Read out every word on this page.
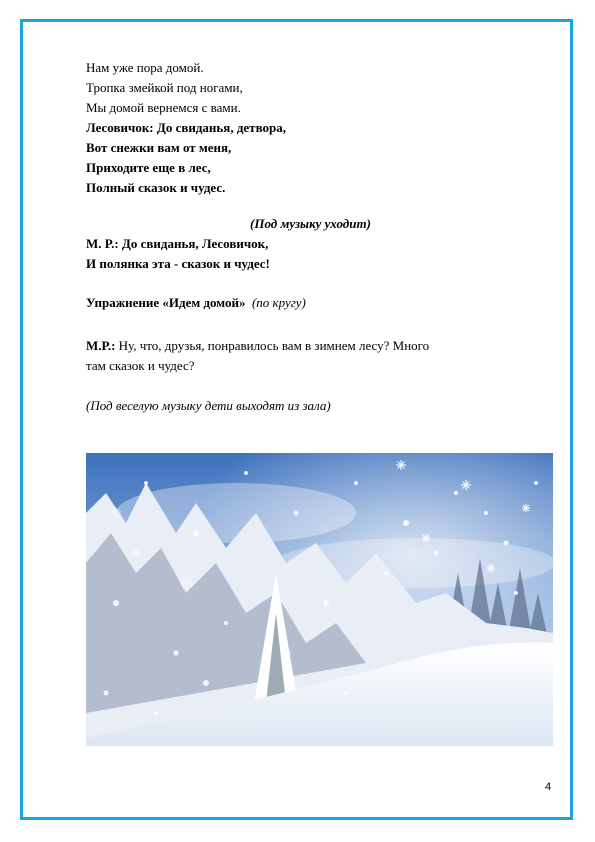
Нам уже пора домой.
Тропка змейкой под ногами,
Мы домой вернемся с вами.
Лесовичок: До свиданья, детвора,
Вот снежки вам от меня,
Приходите еще в лес,
Полный сказок и чудес.
(Под музыку уходит)
М. Р.: До свиданья, Лесовичок,
И полянка эта - сказок и чудес!
Упражнение «Идем домой» (по кругу)
М.Р.: Ну, что, друзья, понравилось вам в зимнем лесу? Много
там сказок и чудес?
(Под веселую музыку дети выходят из зала)
4
